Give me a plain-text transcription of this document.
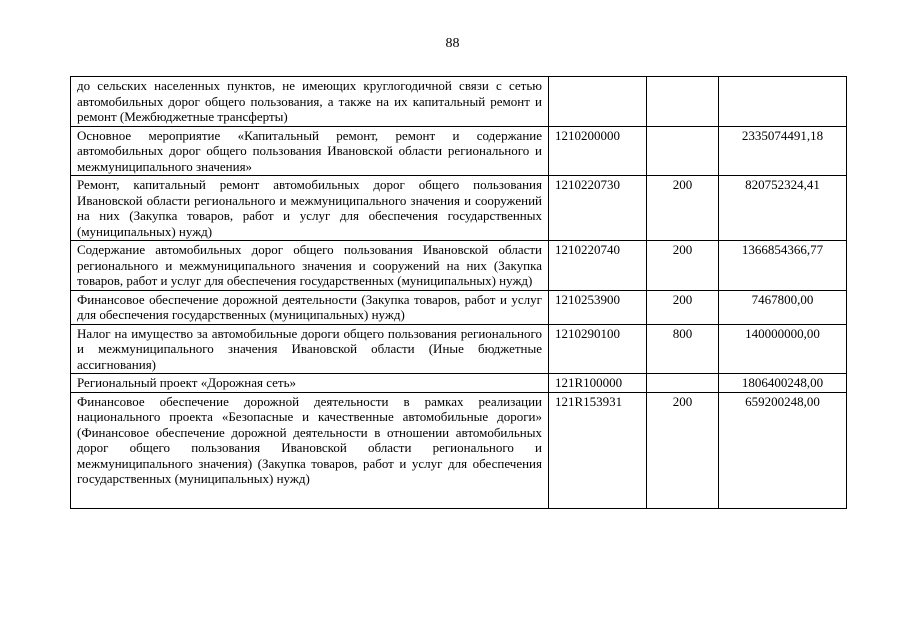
88
до сельских населенных пунктов, не имеющих круглогодичной связи с сетью автомобильных дорог общего пользования, а также на их капитальный ремонт и ремонт (Межбюджетные трансферты)			
Основное мероприятие «Капитальный ремонт, ремонт и содержание автомобильных дорог общего пользования Ивановской области регионального и межмуниципального значения»	1210200000		2335074491,18
Ремонт, капитальный ремонт автомобильных дорог общего пользования Ивановской области регионального и межмуниципального значения и сооружений на них (Закупка товаров, работ и услуг для обеспечения государственных (муниципальных) нужд)	1210220730	200	820752324,41
Содержание автомобильных дорог общего пользования Ивановской области регионального и межмуниципального значения и сооружений на них (Закупка товаров, работ и услуг для обеспечения государственных (муниципальных) нужд)	1210220740	200	1366854366,77
Финансовое обеспечение дорожной деятельности (Закупка товаров, работ и услуг для обеспечения государственных (муниципальных) нужд)	1210253900	200	7467800,00
Налог на имущество за автомобильные дороги общего пользования регионального и межмуниципального значения Ивановской области (Иные бюджетные ассигнования)	1210290100	800	140000000,00
Региональный проект «Дорожная сеть»	121R100000		1806400248,00
Финансовое обеспечение дорожной деятельности в рамках реализации национального проекта «Безопасные и качественные автомобильные дороги» (Финансовое обеспечение дорожной деятельности в отношении автомобильных дорог общего пользования Ивановской области регионального и межмуниципального значения) (Закупка товаров, работ и услуг для обеспечения государственных (муниципальных) нужд)	121R153931	200	659200248,00
